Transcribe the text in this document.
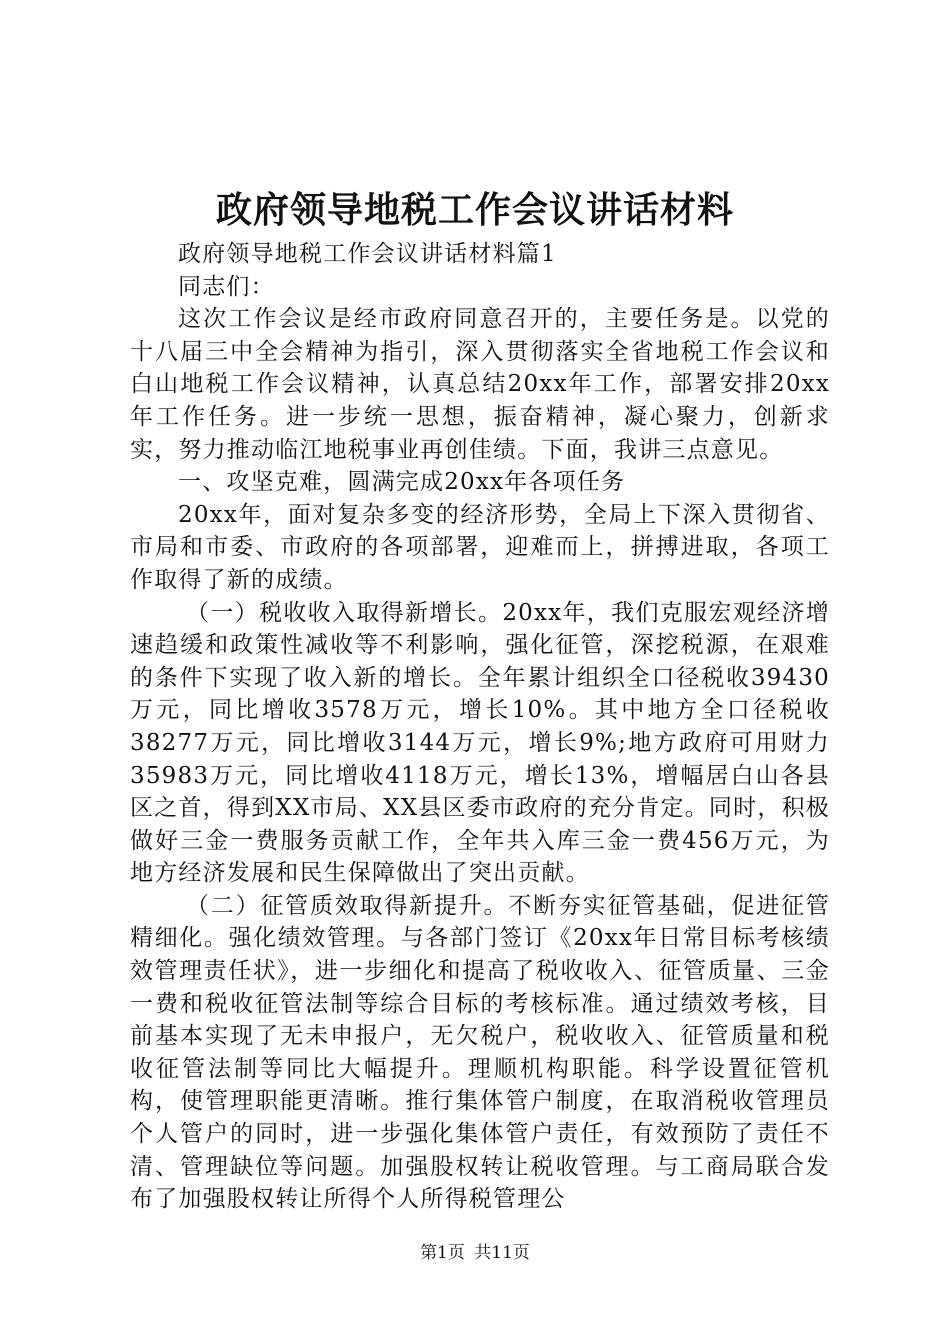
政府领导地税工作会议讲话材料

政府领导地税工作会议讲话材料篇1

同志们：

这次工作会议是经市政府同意召开的，主要任务是。以党的十八届三中全会精神为指引，深入贯彻落实全省地税工作会议和白山地税工作会议精神，认真总结20xx年工作，部署安排20xx年工作任务。进一步统一思想，振奋精神，凝心聚力，创新求实，努力推动临江地税事业再创佳绩。下面，我讲三点意见。

一、攻坚克难，圆满完成20xx年各项任务

20xx年，面对复杂多变的经济形势，全局上下深入贯彻省、市局和市委、市政府的各项部署，迎难而上，拼搏进取，各项工作取得了新的成绩。

（一）税收收入取得新增长。20xx年，我们克服宏观经济增速趋缓和政策性减收等不利影响，强化征管，深挖税源，在艰难的条件下实现了收入新的增长。全年累计组织全口径税收39430万元，同比增收3578万元，增长10%。其中地方全口径税收38277万元，同比增收3144万元，增长9%;地方政府可用财力35983万元，同比增收4118万元，增长13%，增幅居白山各县区之首，得到XX市局、XX县区委市政府的充分肯定。同时，积极做好三金一费服务贡献工作，全年共入库三金一费456万元，为地方经济发展和民生保障做出了突出贡献。

（二）征管质效取得新提升。不断夯实征管基础，促进征管精细化。强化绩效管理。与各部门签订《20xx年日常目标考核绩效管理责任状》，进一步细化和提高了税收收入、征管质量、三金一费和税收征管法制等综合目标的考核标准。通过绩效考核，目前基本实现了无未申报户，无欠税户，税收收入、征管质量和税收征管法制等同比大幅提升。理顺机构职能。科学设置征管机构，使管理职能更清晰。推行集体管户制度，在取消税收管理员个人管户的同时，进一步强化集体管户责任，有效预防了责任不清、管理缺位等问题。加强股权转让税收管理。与工商局联合发布了加强股权转让所得个人所得税管理公

第1页 共11页
